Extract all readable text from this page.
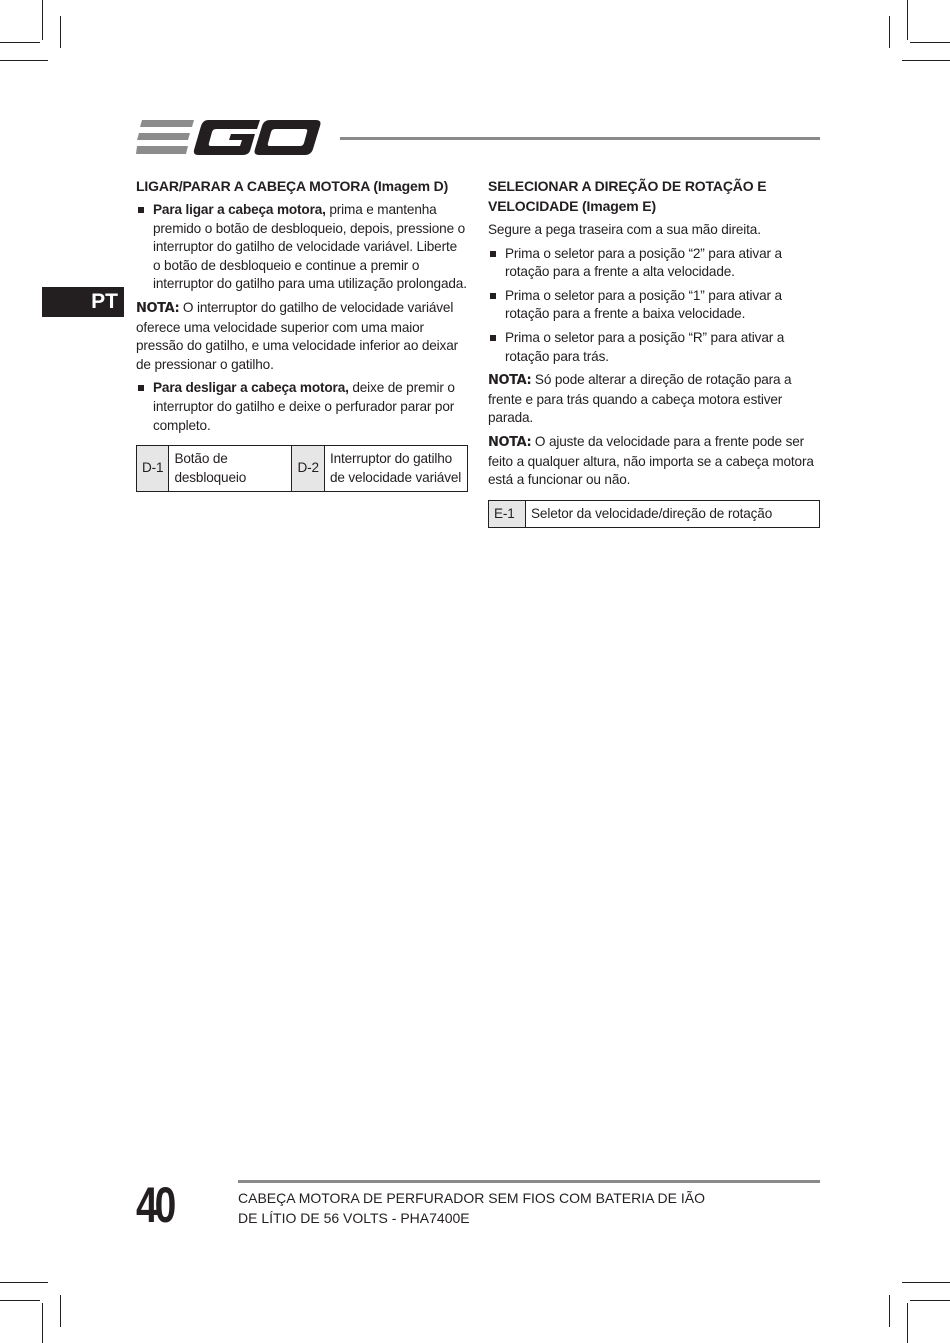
PT
LIGAR/PARAR A CABEÇA MOTORA (Imagem D)
Para ligar a cabeça motora, prima e mantenha premido o botão de desbloqueio, depois, pressione o interruptor do gatilho de velocidade variável. Liberte o botão de desbloqueio e continue a premir o interruptor do gatilho para uma utilização prolongada.
NOTA: O interruptor do gatilho de velocidade variável oferece uma velocidade superior com uma maior pressão do gatilho, e uma velocidade inferior ao deixar de pressionar o gatilho.
Para desligar a cabeça motora, deixe de premir o interruptor do gatilho e deixe o perfurador parar por completo.
D-1	Botão de desbloqueio	D-2	Interruptor do gatilho de velocidade variável
SELECIONAR A DIREÇÃO DE ROTAÇÃO E VELOCIDADE (Imagem E)
Segure a pega traseira com a sua mão direita.
Prima o seletor para a posição “2” para ativar a rotação para a frente a alta velocidade.
Prima o seletor para a posição “1” para ativar a rotação para a frente a baixa velocidade.
Prima o seletor para a posição “R” para ativar a rotação para trás.
NOTA: Só pode alterar a direção de rotação para a frente e para trás quando a cabeça motora estiver parada.
NOTA: O ajuste da velocidade para a frente pode ser feito a qualquer altura, não importa se a cabeça motora está a funcionar ou não.
E-1	Seletor da velocidade/direção de rotação
40	CABEÇA MOTORA DE PERFURADOR SEM FIOS COM BATERIA DE IÃO
DE LÍTIO DE 56 VOLTS - PHA7400E
